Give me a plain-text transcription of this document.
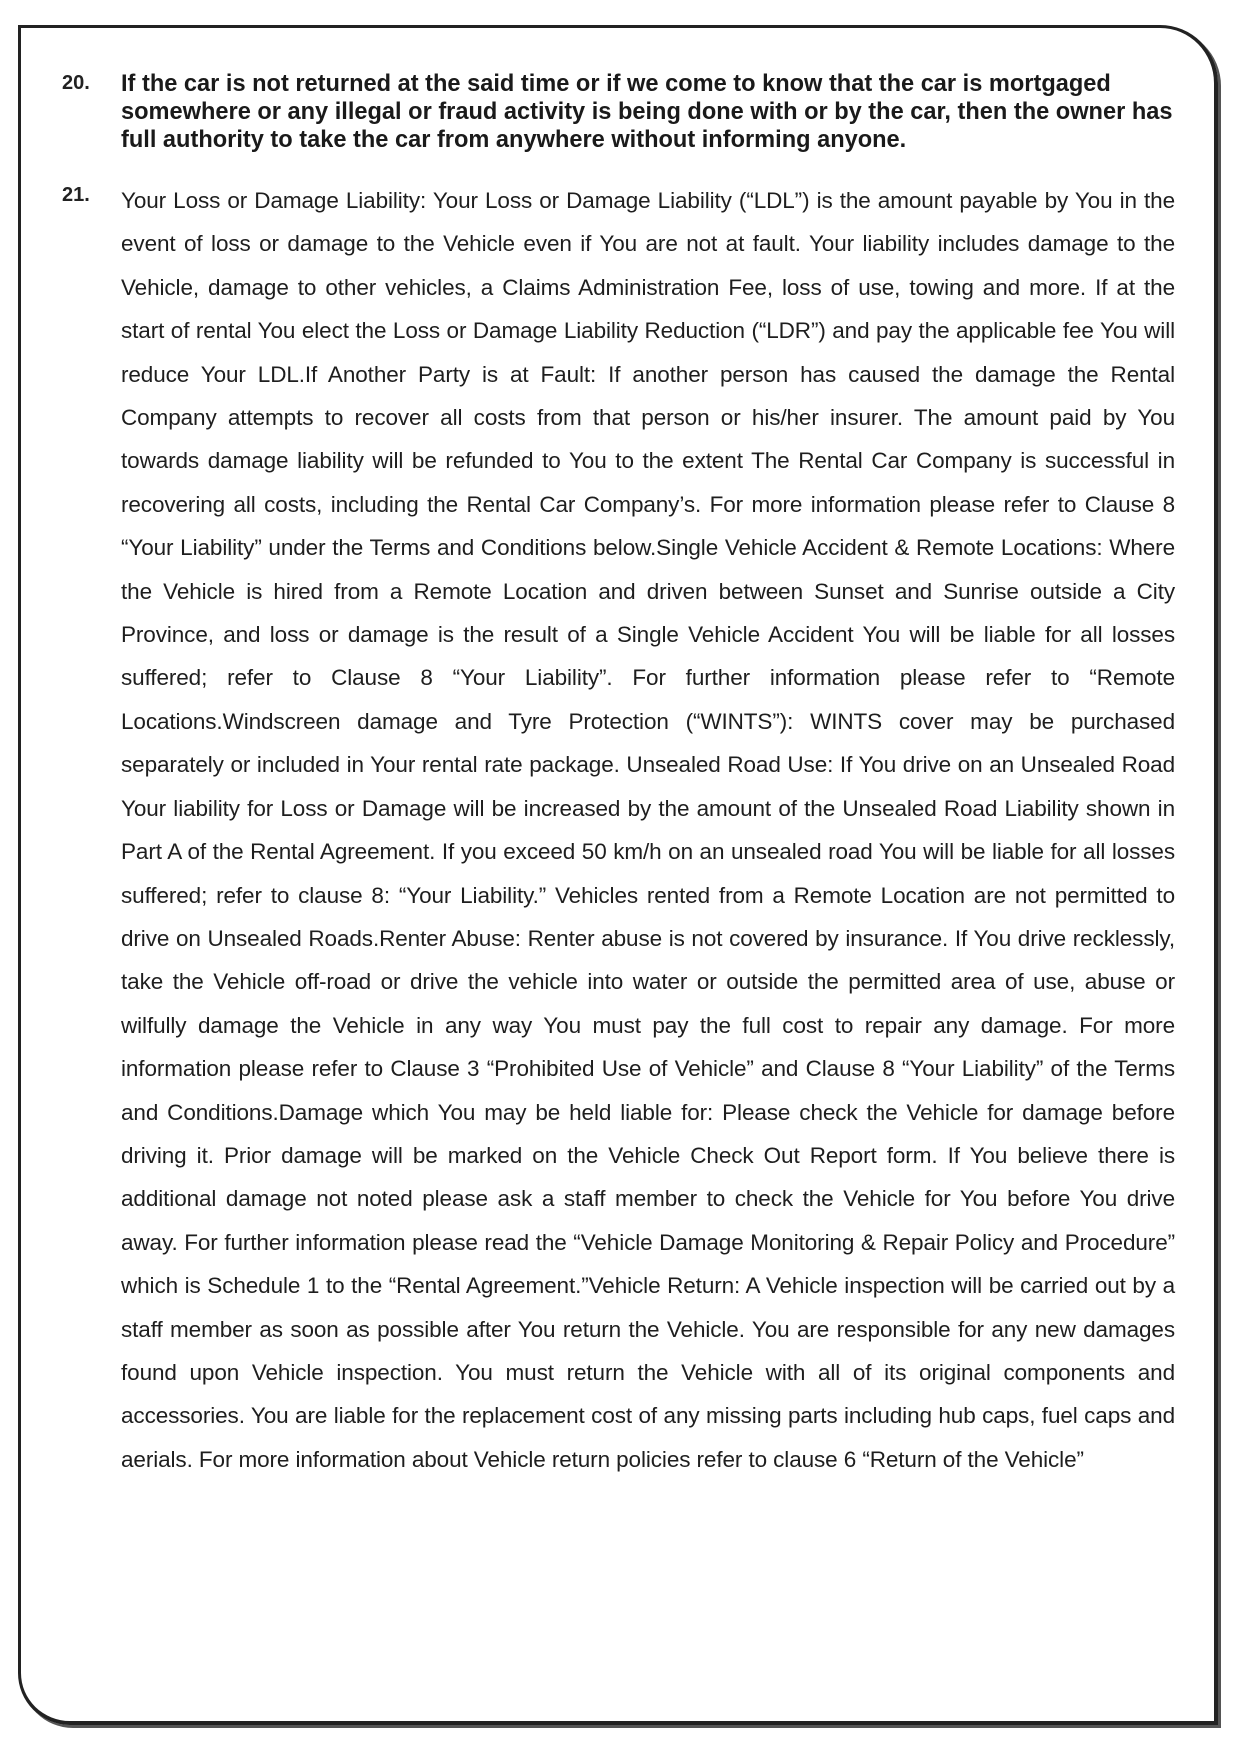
20. If the car is not returned at the said time or if we come to know that the car is mortgaged somewhere or any illegal or fraud activity is being done with or by the car, then the owner has full authority to take the car from anywhere without informing anyone.
21. Your Loss or Damage Liability: Your Loss or Damage Liability (“LDL”) is the amount payable by You in the event of loss or damage to the Vehicle even if You are not at fault. Your liability includes damage to the Vehicle, damage to other vehicles, a Claims Administration Fee, loss of use, towing and more. If at the start of rental You elect the Loss or Damage Liability Reduction (“LDR”) and pay the applicable fee You will reduce Your LDL.If Another Party is at Fault: If another person has caused the damage the Rental Company attempts to recover all costs from that person or his/her insurer. The amount paid by You towards damage liability will be refunded to You to the extent The Rental Car Company is successful in recovering all costs, including the Rental Car Company’s. For more information please refer to Clause 8 “Your Liability” under the Terms and Conditions below.Single Vehicle Accident & Remote Locations: Where the Vehicle is hired from a Remote Location and driven between Sunset and Sunrise outside a City Province, and loss or damage is the result of a Single Vehicle Accident You will be liable for all losses suffered; refer to Clause 8 “Your Liability”. For further information please refer to “Remote Locations.Windscreen damage and Tyre Protection (“WINTS”): WINTS cover may be purchased separately or included in Your rental rate package. Unsealed Road Use: If You drive on an Unsealed Road Your liability for Loss or Damage will be increased by the amount of the Unsealed Road Liability shown in Part A of the Rental Agreement. If you exceed 50 km/h on an unsealed road You will be liable for all losses suffered; refer to clause 8: “Your Liability.” Vehicles rented from a Remote Location are not permitted to drive on Unsealed Roads.Renter Abuse: Renter abuse is not covered by insurance. If You drive recklessly, take the Vehicle off-road or drive the vehicle into water or outside the permitted area of use, abuse or wilfully damage the Vehicle in any way You must pay the full cost to repair any damage. For more information please refer to Clause 3 “Prohibited Use of Vehicle” and Clause 8 “Your Liability” of the Terms and Conditions.Damage which You may be held liable for: Please check the Vehicle for damage before driving it. Prior damage will be marked on the Vehicle Check Out Report form. If You believe there is additional damage not noted please ask a staff member to check the Vehicle for You before You drive away. For further information please read the “Vehicle Damage Monitoring & Repair Policy and Procedure” which is Schedule 1 to the “Rental Agreement.”Vehicle Return: A Vehicle inspection will be carried out by a staff member as soon as possible after You return the Vehicle. You are responsible for any new damages found upon Vehicle inspection. You must return the Vehicle with all of its original components and accessories. You are liable for the replacement cost of any missing parts including hub caps, fuel caps and aerials. For more information about Vehicle return policies refer to clause 6 “Return of the Vehicle”
